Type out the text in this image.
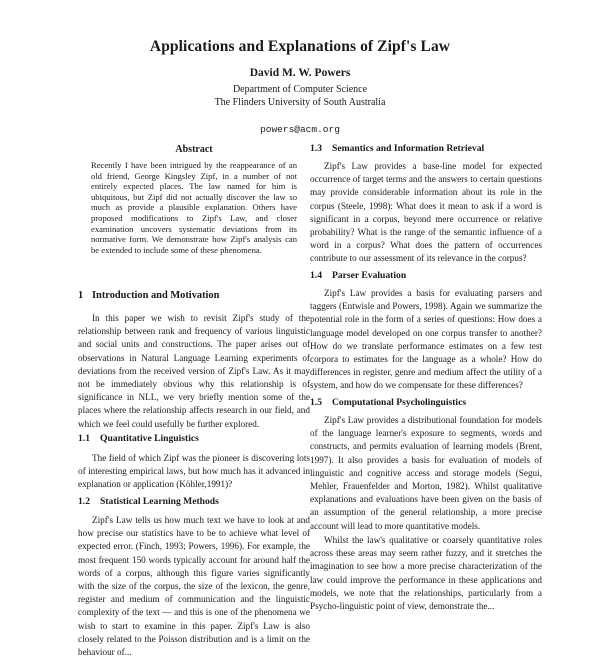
Applications and Explanations of Zipf's Law
David M. W. Powers
Department of Computer Science
The Flinders University of South Australia
powers@acm.org
Abstract
Recently I have been intrigued by the reappearance of an old friend, George Kingsley Zipf, in a number of not entirely expected places. The law named for him is ubiquitous, but Zipf did not actually discover the law so much as provide a plausible explanation. Others have proposed modifications to Zipf's Law, and closer examination uncovers systematic deviations from its normative form. We demonstrate how Zipf's analysis can be extended to include some of these phenomena.
1 Introduction and Motivation
In this paper we wish to revisit Zipf's study of the relationship between rank and frequency of various linguistic and social units and constructions. The paper arises out of observations in Natural Language Learning experiments of deviations from the received version of Zipf's Law. As it may not be immediately obvious why this relationship is of significance in NLL, we very briefly mention some of the places where the relationship affects research in our field, and which we feel could usefully be further explored.
1.1 Quantitative Linguistics
The field of which Zipf was the pioneer is discovering lots of interesting empirical laws, but how much has it advanced in explanation or application (Köhler,1991)?
1.2 Statistical Learning Methods
Zipf's Law tells us how much text we have to look at and how precise our statistics have to be to achieve what level of expected error. (Finch, 1993; Powers, 1996). For example, the most frequent 150 words typically account for around half the words of a corpus, although this figure varies significantly with the size of the corpus, the size of the lexicon, the genre, register and medium of communication and the linguistic complexity of the text — and this is one of the phenomena we wish to start to examine in this paper. Zipf's Law is also closely related to the Poisson distribution and is a limit on the behaviour of...
1.3 Semantics and Information Retrieval
Zipf's Law provides a base-line model for expected occurrence of target terms and the answers to certain questions may provide considerable information about its role in the corpus (Steele, 1998): What does it mean to ask if a word is significant in a corpus, beyond mere occurrence or relative probability? What is the range of the semantic influence of a word in a corpus? What does the pattern of occurrences contribute to our assessment of its relevance in the corpus?
1.4 Parser Evaluation
Zipf's Law provides a basis for evaluating parsers and taggers (Entwisle and Powers, 1998). Again we summarize the potential role in the form of a series of questions: How does a language model developed on one corpus transfer to another? How do we translate performance estimates on a few test corpora to estimates for the language as a whole? How do differences in register, genre and medium affect the utility of a system, and how do we compensate for these differences?
1.5 Computational Psycholinguistics
Zipf's Law provides a distributional foundation for models of the language learner's exposure to segments, words and constructs, and permits evaluation of learning models (Brent, 1997). It also provides a basis for evaluation of models of linguistic and cognitive access and storage models (Segui, Mehler, Frauenfelder and Morton, 1982). Whilst qualitative explanations and evaluations have been given on the basis of an assumption of the general relationship, a more precise account will lead to more quantitative models.
Whilst the law's qualitative or coarsely quantitative roles across these areas may seem rather fuzzy, and it stretches the imagination to see how a more precise characterization of the law could improve the performance in these applications and models, we note that the relationships, particularly from a Psycho-linguistic point of view, demonstrate the...
